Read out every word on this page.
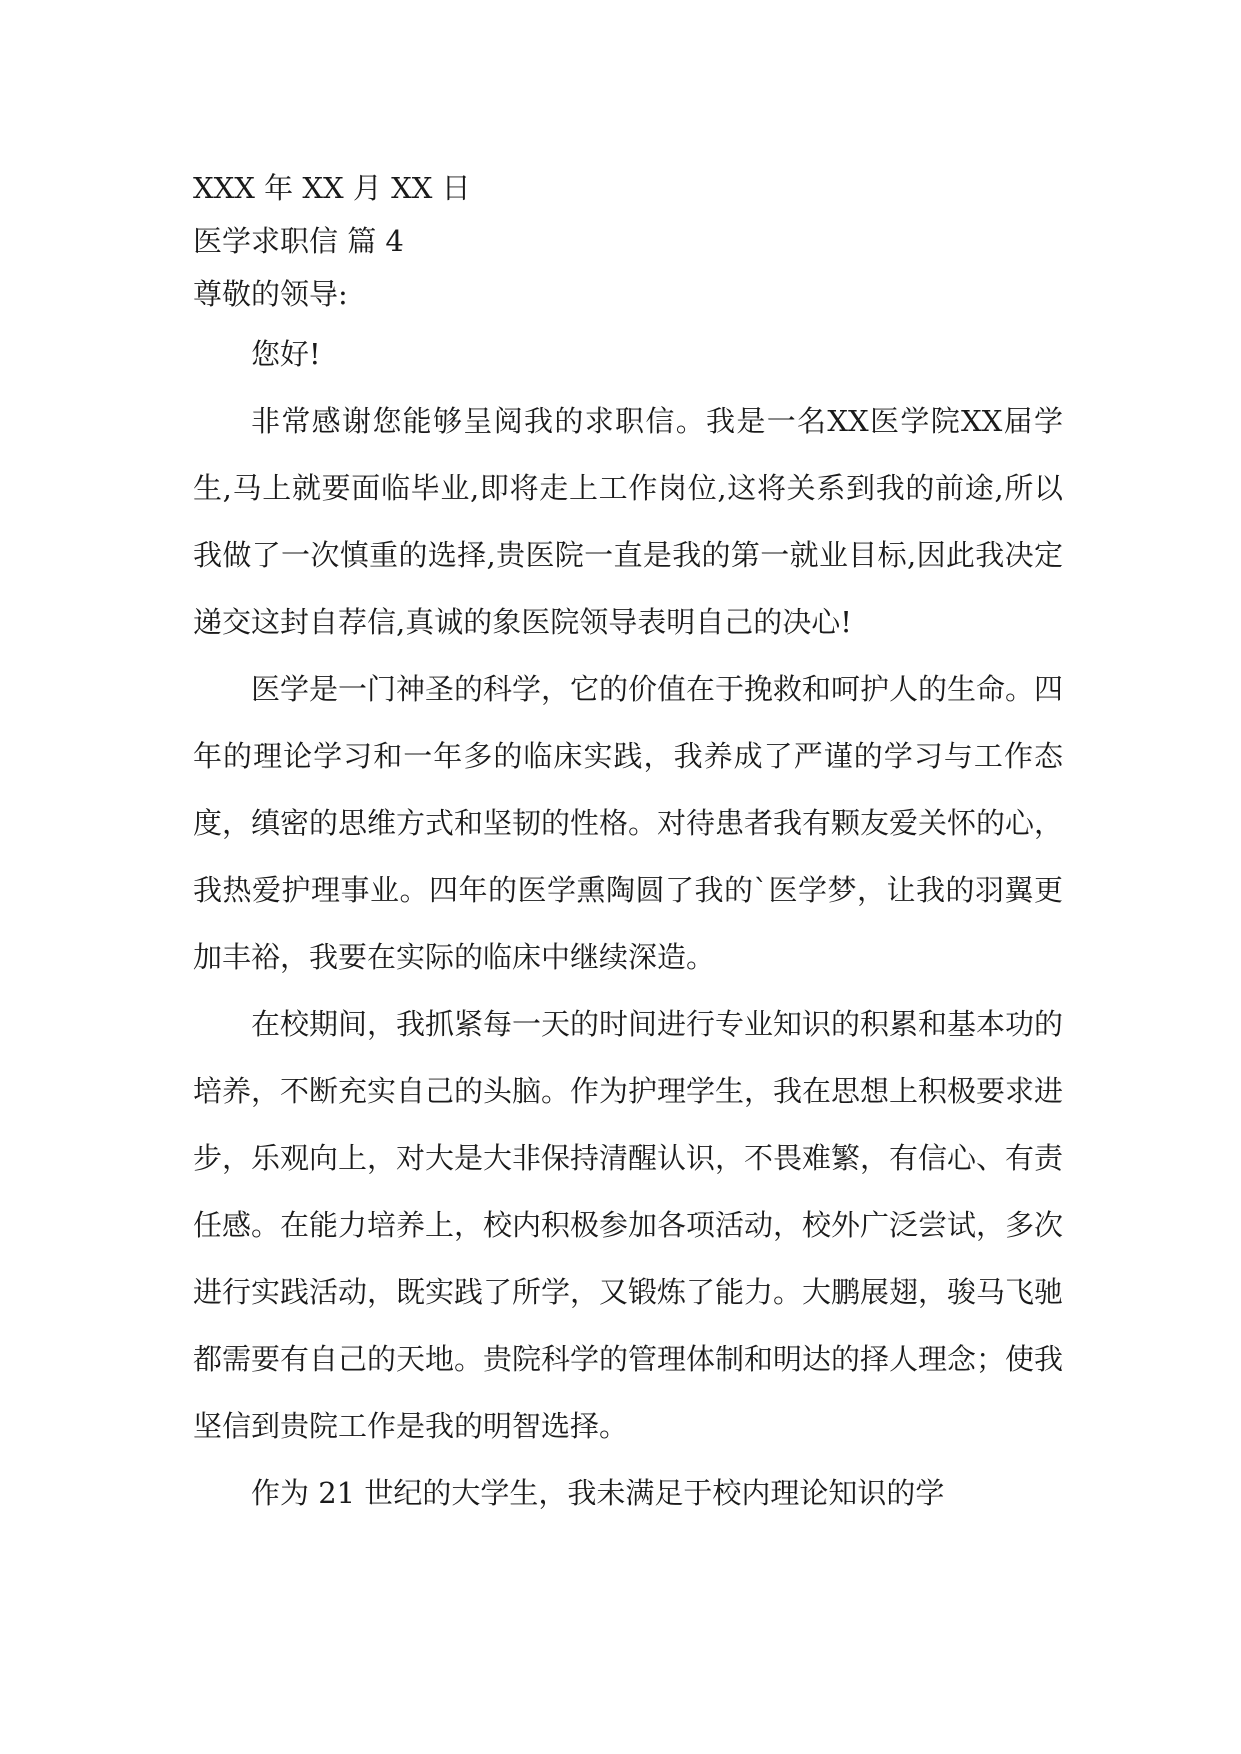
XXX 年 XX 月 XX 日

医学求职信 篇 4

尊敬的领导:

您好!

非常感谢您能够呈阅我的求职信。我是一名XX医学院XX届学生,马上就要面临毕业,即将走上工作岗位,这将关系到我的前途,所以我做了一次慎重的选择,贵医院一直是我的第一就业目标,因此我决定递交这封自荐信,真诚的象医院领导表明自己的决心!

医学是一门神圣的科学，它的价值在于挽救和呵护人的生命。四年的理论学习和一年多的临床实践，我养成了严谨的学习与工作态度，缜密的思维方式和坚韧的性格。对待患者我有颗友爱关怀的心，我热爱护理事业。四年的医学熏陶圆了我的`医学梦，让我的羽翼更加丰裕，我要在实际的临床中继续深造。

在校期间，我抓紧每一天的时间进行专业知识的积累和基本功的培养，不断充实自己的头脑。作为护理学生，我在思想上积极要求进步，乐观向上，对大是大非保持清醒认识，不畏难繁，有信心、有责任感。在能力培养上，校内积极参加各项活动，校外广泛尝试，多次进行实践活动，既实践了所学，又锻炼了能力。大鹏展翅，骏马飞驰都需要有自己的天地。贵院科学的管理体制和明达的择人理念；使我坚信到贵院工作是我的明智选择。

作为 21 世纪的大学生，我未满足于校内理论知识的学
